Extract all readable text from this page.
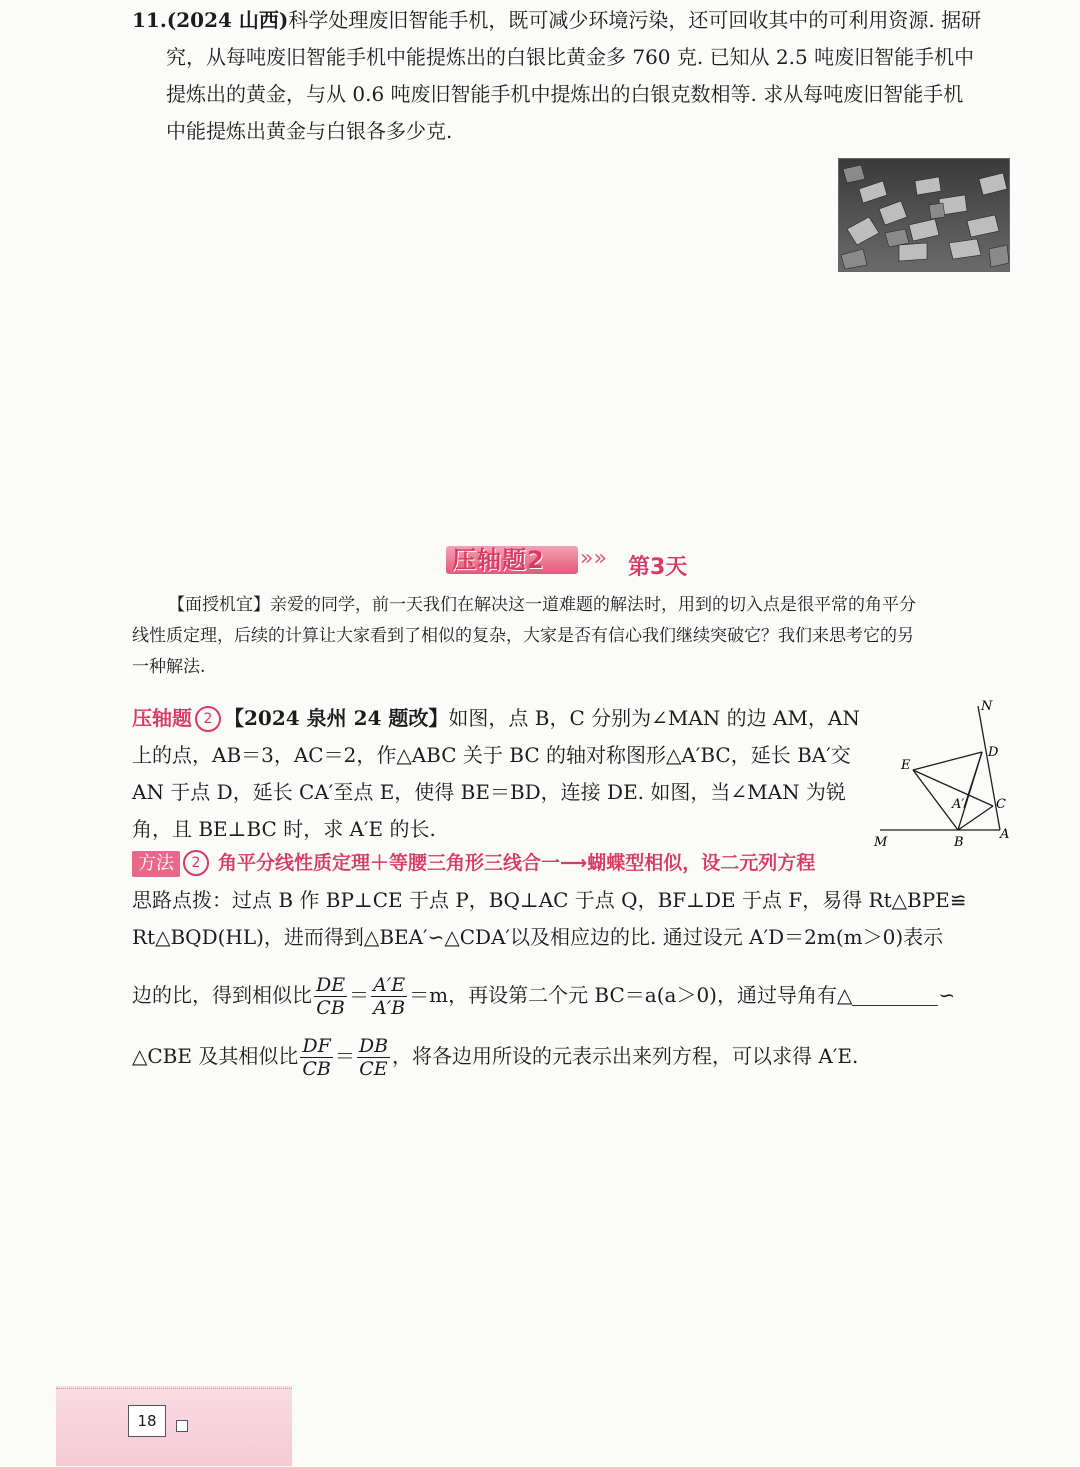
11.(2024 山西)科学处理废旧智能手机，既可减少环境污染，还可回收其中的可利用资源. 据研
究，从每吨废旧智能手机中能提炼出的白银比黄金多 760 克. 已知从 2.5 吨废旧智能手机中
提炼出的黄金，与从 0.6 吨废旧智能手机中提炼出的白银克数相等. 求从每吨废旧智能手机
中能提炼出黄金与白银各多少克.
压轴题2 »» 第3天
【面授机宜】亲爱的同学，前一天我们在解决这一道难题的解法时，用到的切入点是很平常的角平分
线性质定理，后续的计算让大家看到了相似的复杂，大家是否有信心我们继续突破它？我们来思考它的另
一种解法.
压轴题 2 【2024 泉州 24 题改】如图，点 B，C 分别为∠MAN 的边 AM，AN
上的点，AB＝3，AC＝2，作△ABC 关于 BC 的轴对称图形△A′BC，延长 BA′交
AN 于点 D，延长 CA′至点 E，使得 BE＝BD，连接 DE. 如图，当∠MAN 为锐
角，且 BE⊥BC 时，求 A′E 的长.
N
D
E
A′ C
M	B
A
方法 2 角平分线性质定理＋等腰三角形三线合一⟶蝴蝶型相似，设二元列方程
思路点拨：过点 B 作 BP⊥CE 于点 P，BQ⊥AC 于点 Q，BF⊥DE 于点 F，易得 Rt△BPE≌
Rt△BQD(HL)，进而得到△BEA′∽△CDA′以及相应边的比. 通过设元 A′D＝2m(m＞0)表示
边的比，得到相似比 $\frac{DE}{CB} = \frac{A'E}{A'B} =m$，再设第二个元 BC＝a(a＞0)，通过导角有△	∽
△CBE 及其相似比 $\frac{DF}{CB} = \frac{DB}{CE}$ ，将各边用所设的元表示出来列方程，可以求得 A′E.
18
